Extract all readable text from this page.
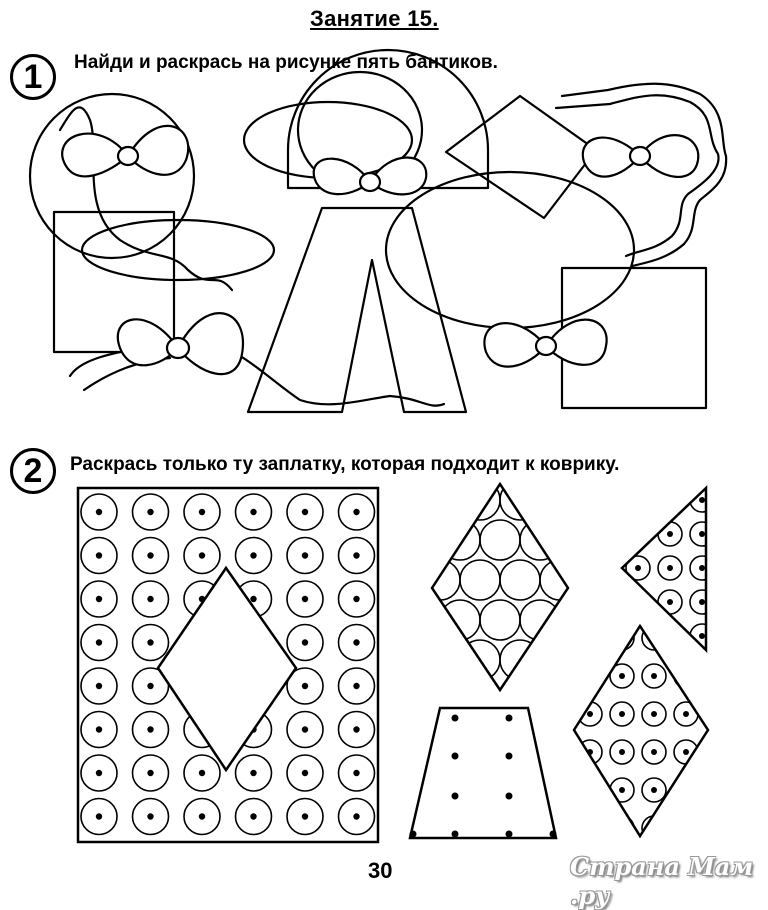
Занятие 15.
1	Найди и раскрась на рисунке пять бантиков.
2	Раскрась только ту заплатку, которая подходит к коврику.
30	Страна Мам .ру
